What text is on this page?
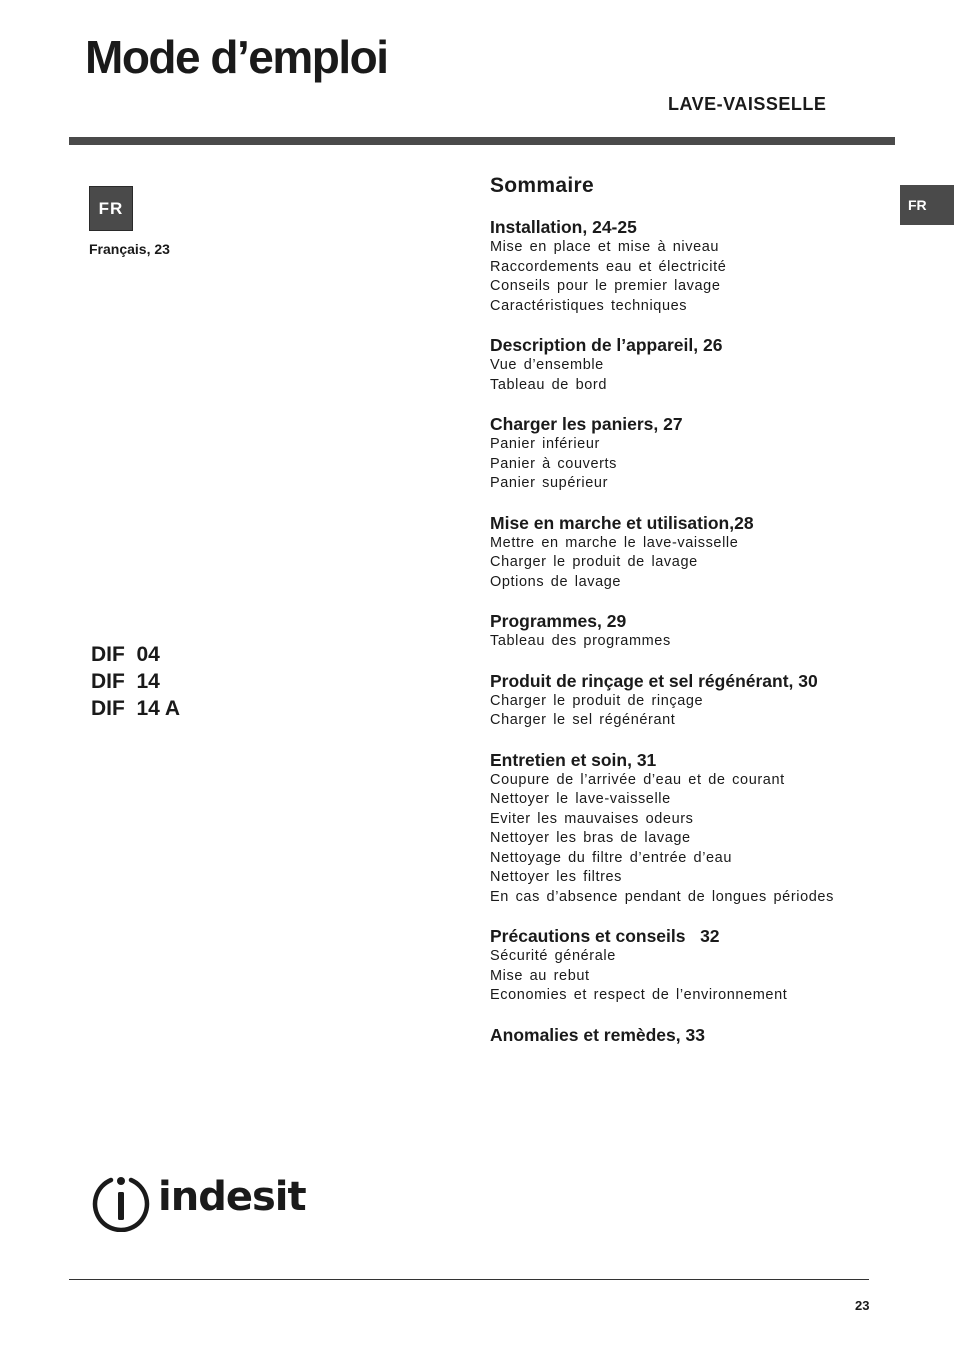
Mode d’emploi
LAVE-VAISSELLE
FR
Français, 23
FR
DIF  04
DIF  14
DIF  14 A
Sommaire
Installation, 24-25
Mise en place et mise à niveau
Raccordements eau et électricité
Conseils pour le premier lavage
Caractéristiques techniques
Description de l’appareil, 26
Vue d’ensemble
Tableau de bord
Charger les paniers, 27
Panier inférieur
Panier à couverts
Panier supérieur
Mise en marche et utilisation,28
Mettre en marche le lave-vaisselle
Charger le produit de lavage
Options de lavage
Programmes, 29
Tableau des programmes
Produit de rinçage et sel régénérant, 30
Charger le produit de rinçage
Charger le sel régénérant
Entretien et soin, 31
Coupure de l’arrivée d’eau et de courant
Nettoyer le lave-vaisselle
Eviter les mauvaises odeurs
Nettoyer les bras de lavage
Nettoyage du filtre d’entrée d’eau
Nettoyer les filtres
En cas d’absence pendant de longues périodes
Précautions et conseils   32
Sécurité générale
Mise au rebut
Economies et respect de l’environnement
Anomalies et remèdes, 33
indesit
23
